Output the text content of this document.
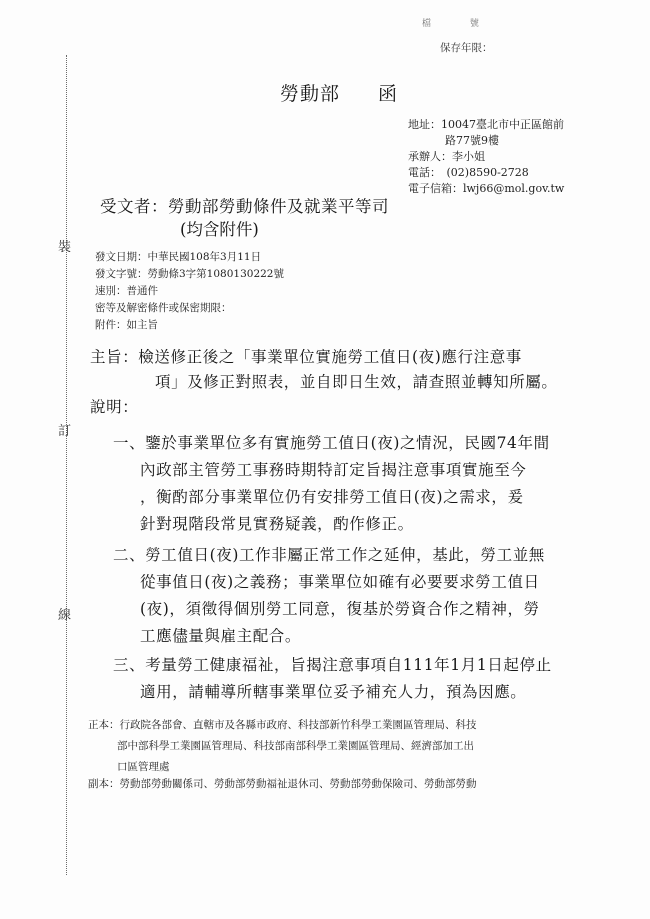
裝
訂
線
檔 號
保存年限：
勞動部 函
地址：10047臺北市中正區館前
路77號9樓
承辦人：李小姐
電話：　(02)8590-2728
電子信箱：lwj66@mol.gov.tw
受文者：勞動部勞動條件及就業平等司
(均含附件)
發文日期：中華民國108年3月11日
發文字號：勞動條3字第1080130222號
速別：普通件
密等及解密條件或保密期限：
附件：如主旨
主旨：檢送修正後之「事業單位實施勞工值日(夜)應行注意事
項」及修正對照表，並自即日生效，請查照並轉知所屬。
說明：
一、鑒於事業單位多有實施勞工值日(夜)之情況，民國74年間
內政部主管勞工事務時期特訂定旨揭注意事項實施至今
，衡酌部分事業單位仍有安排勞工值日(夜)之需求，爰
針對現階段常見實務疑義，酌作修正。
二、勞工值日(夜)工作非屬正常工作之延伸，基此，勞工並無
從事值日(夜)之義務；事業單位如確有必要要求勞工值日
(夜)，須徵得個別勞工同意，復基於勞資合作之精神，勞
工應儘量與雇主配合。
三、考量勞工健康福祉，旨揭注意事項自111年1月1日起停止
適用，請輔導所轄事業單位妥予補充人力，預為因應。
正本：行政院各部會、直轄市及各縣市政府、科技部新竹科學工業園區管理局、科技
部中部科學工業園區管理局、科技部南部科學工業園區管理局、經濟部加工出
口區管理處
副本：勞動部勞動關係司、勞動部勞動福祉退休司、勞動部勞動保險司、勞動部勞動
